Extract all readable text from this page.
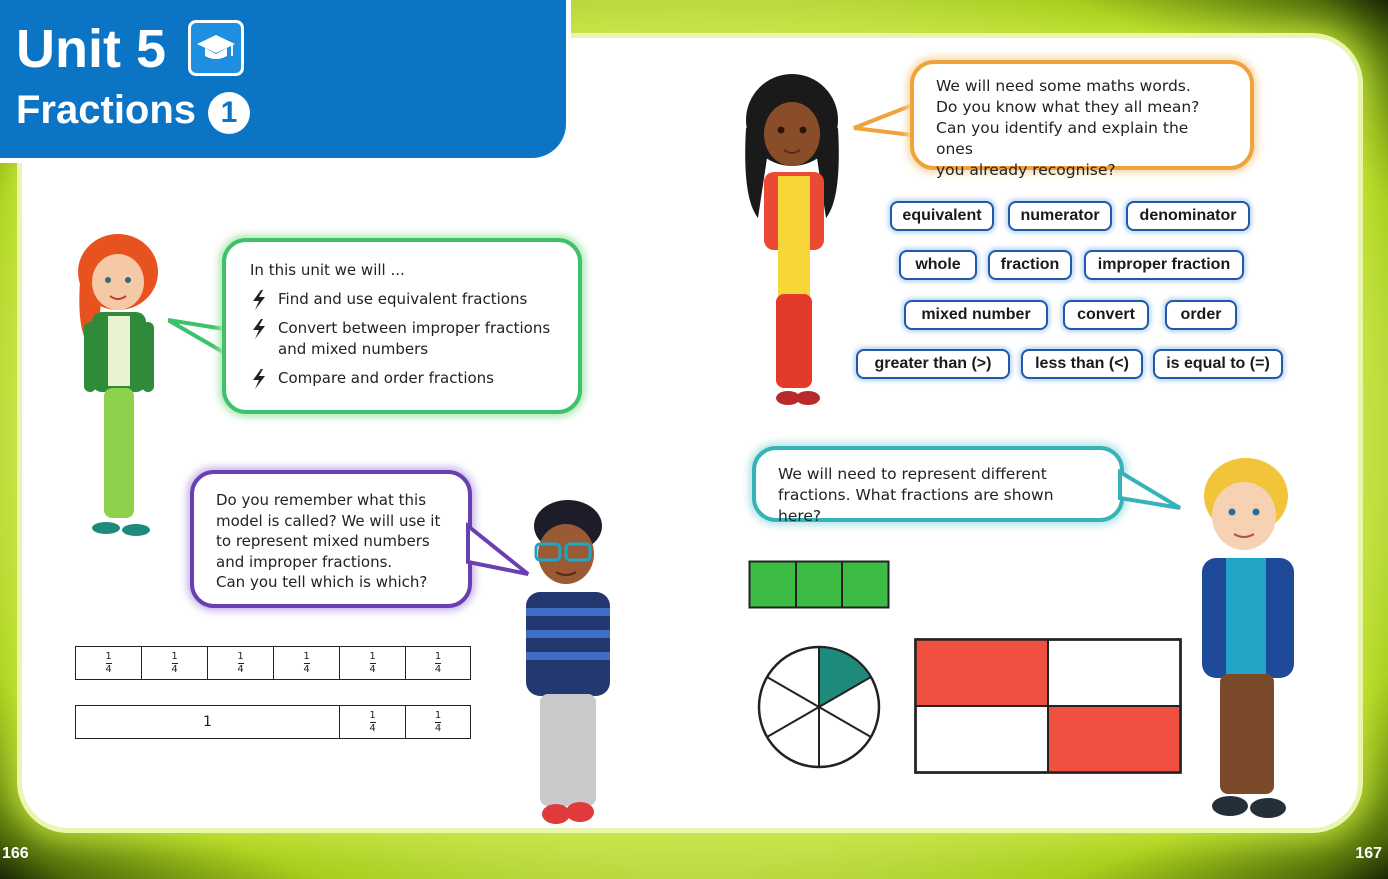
Unit 5
Fractions 1
In this unit we will ...
Find and use equivalent fractions
Convert between improper fractions
and mixed numbers
Compare and order fractions
Do you remember what this
model is called? We will use it
to represent mixed numbers
and improper fractions.
Can you tell which is which?
$\frac{1}{4}$	$\frac{1}{4}$	$\frac{1}{4}$	$\frac{1}{4}$	$\frac{1}{4}$	$\frac{1}{4}$
1	$\frac{1}{4}$	$\frac{1}{4}$
We will need some maths words.
Do you know what they all mean?
Can you identify and explain the ones
you already recognise?
equivalent	numerator	denominator
whole	fraction	improper fraction
mixed number	convert	order
greater than (>)	less than (<)	is equal to (=)
We will need to represent different
fractions. What fractions are shown here?
166	167
